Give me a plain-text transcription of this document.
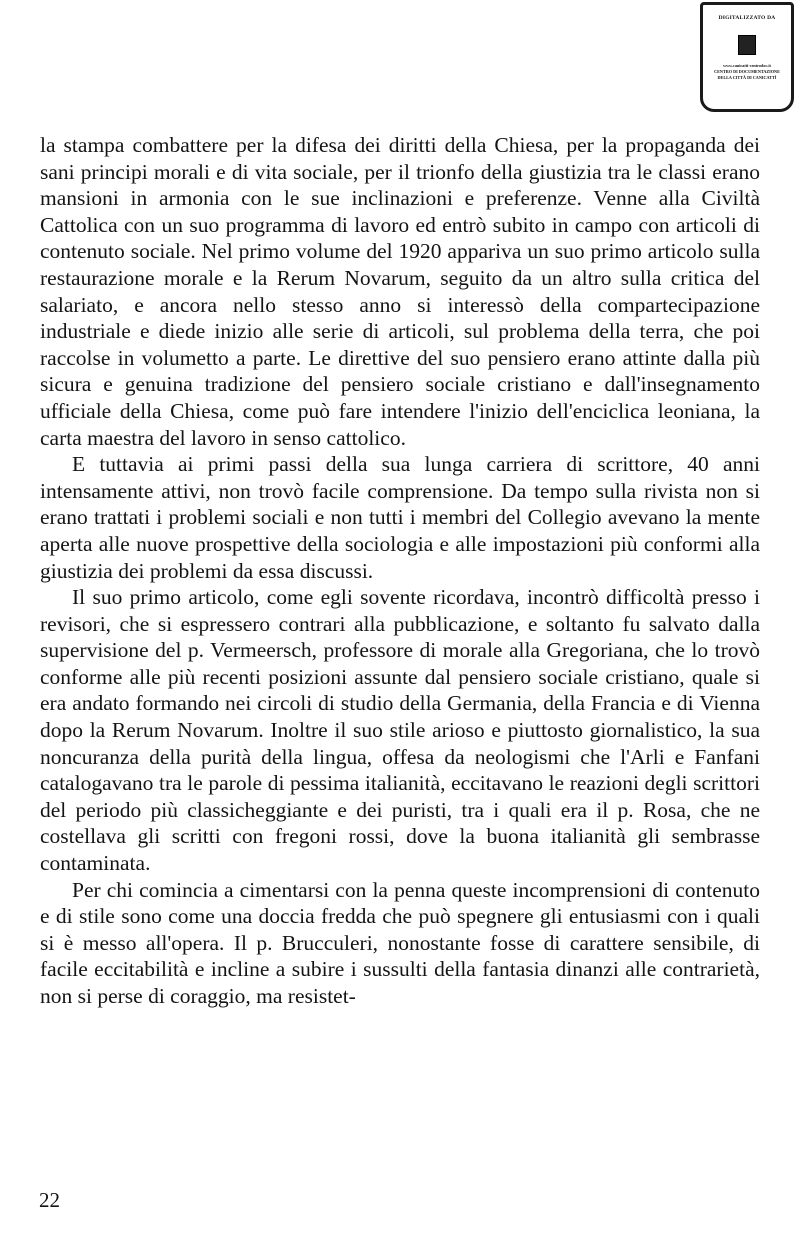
DIGITALIZZATO DA
www.canicatti-centrodoc.it
CENTRO DI DOCUMENTAZIONE
DELLA CITTÀ DI CANICATTÌ

la stampa combattere per la difesa dei diritti della Chiesa, per la propaganda dei sani principi morali e di vita sociale, per il trionfo della giustizia tra le classi erano mansioni in armonia con le sue inclinazioni e preferenze. Venne alla Civiltà Cattolica con un suo programma di lavoro ed entrò subito in campo con articoli di contenuto sociale. Nel primo volume del 1920 appariva un suo primo articolo sulla restaurazione morale e la Rerum Novarum, seguito da un altro sulla critica del salariato, e ancora nello stesso anno si interessò della compartecipazione industriale e diede inizio alle serie di articoli, sul problema della terra, che poi raccolse in volumetto a parte. Le direttive del suo pensiero erano attinte dalla più sicura e genuina tradizione del pensiero sociale cristiano e dall'insegnamento ufficiale della Chiesa, come può fare intendere l'inizio dell'enciclica leoniana, la carta maestra del lavoro in senso cattolico.

E tuttavia ai primi passi della sua lunga carriera di scrittore, 40 anni intensamente attivi, non trovò facile comprensione. Da tempo sulla rivista non si erano trattati i problemi sociali e non tutti i membri del Collegio avevano la mente aperta alle nuove prospettive della sociologia e alle impostazioni più conformi alla giustizia dei problemi da essa discussi.

Il suo primo articolo, come egli sovente ricordava, incontrò difficoltà presso i revisori, che si espressero contrari alla pubblicazione, e soltanto fu salvato dalla supervisione del p. Vermeersch, professore di morale alla Gregoriana, che lo trovò conforme alle più recenti posizioni assunte dal pensiero sociale cristiano, quale si era andato formando nei circoli di studio della Germania, della Francia e di Vienna dopo la Rerum Novarum. Inoltre il suo stile arioso e piuttosto giornalistico, la sua noncuranza della purità della lingua, offesa da neologismi che l'Arli e Fanfani catalogavano tra le parole di pessima italianità, eccitavano le reazioni degli scrittori del periodo più classicheggiante e dei puristi, tra i quali era il p. Rosa, che ne costellava gli scritti con fregoni rossi, dove la buona italianità gli sembrasse contaminata.

Per chi comincia a cimentarsi con la penna queste incomprensioni di contenuto e di stile sono come una doccia fredda che può spegnere gli entusiasmi con i quali si è messo all'opera. Il p. Brucculeri, nonostante fosse di carattere sensibile, di facile eccitabilità e incline a subire i sussulti della fantasia dinanzi alle contrarietà, non si perse di coraggio, ma resistet-

22
